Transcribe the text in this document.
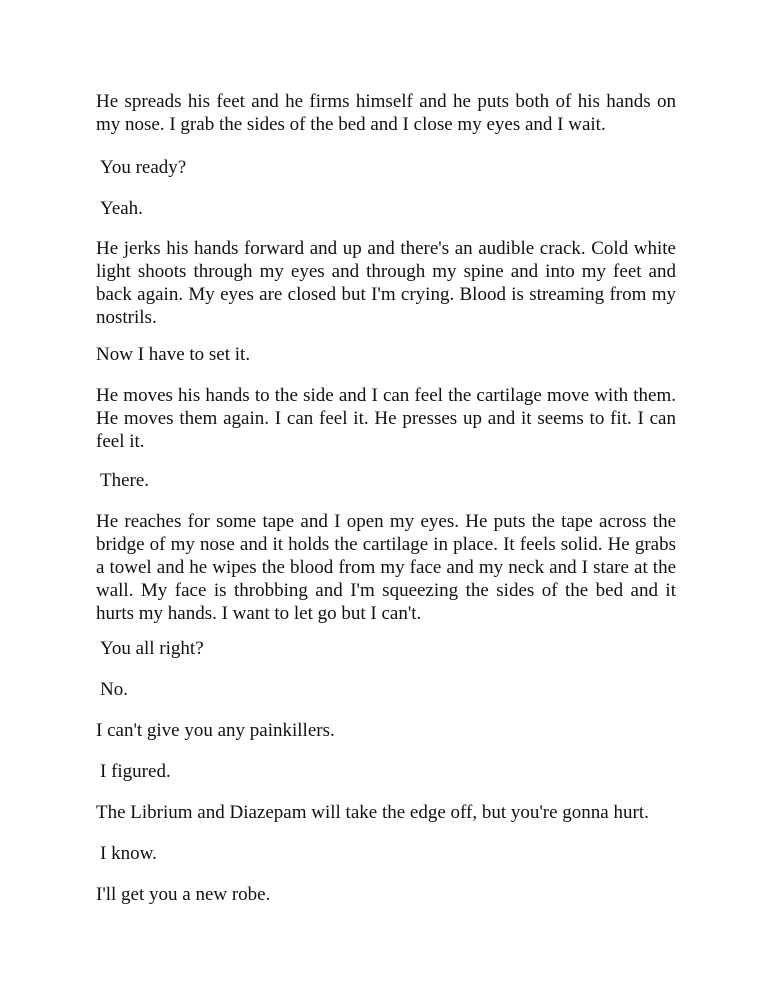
He spreads his feet and he firms himself and he puts both of his hands on my nose. I grab the sides of the bed and I close my eyes and I wait.

You ready?

Yeah.

He jerks his hands forward and up and there's an audible crack. Cold white light shoots through my eyes and through my spine and into my feet and back again. My eyes are closed but I'm crying. Blood is streaming from my nostrils.

Now I have to set it.

He moves his hands to the side and I can feel the cartilage move with them. He moves them again. I can feel it. He presses up and it seems to fit. I can feel it.

There.

He reaches for some tape and I open my eyes. He puts the tape across the bridge of my nose and it holds the cartilage in place. It feels solid. He grabs a towel and he wipes the blood from my face and my neck and I stare at the wall. My face is throbbing and I'm squeezing the sides of the bed and it hurts my hands. I want to let go but I can't.

You all right?

No.

I can't give you any painkillers.

I figured.

The Librium and Diazepam will take the edge off, but you're gonna hurt.

I know.

I'll get you a new robe.
